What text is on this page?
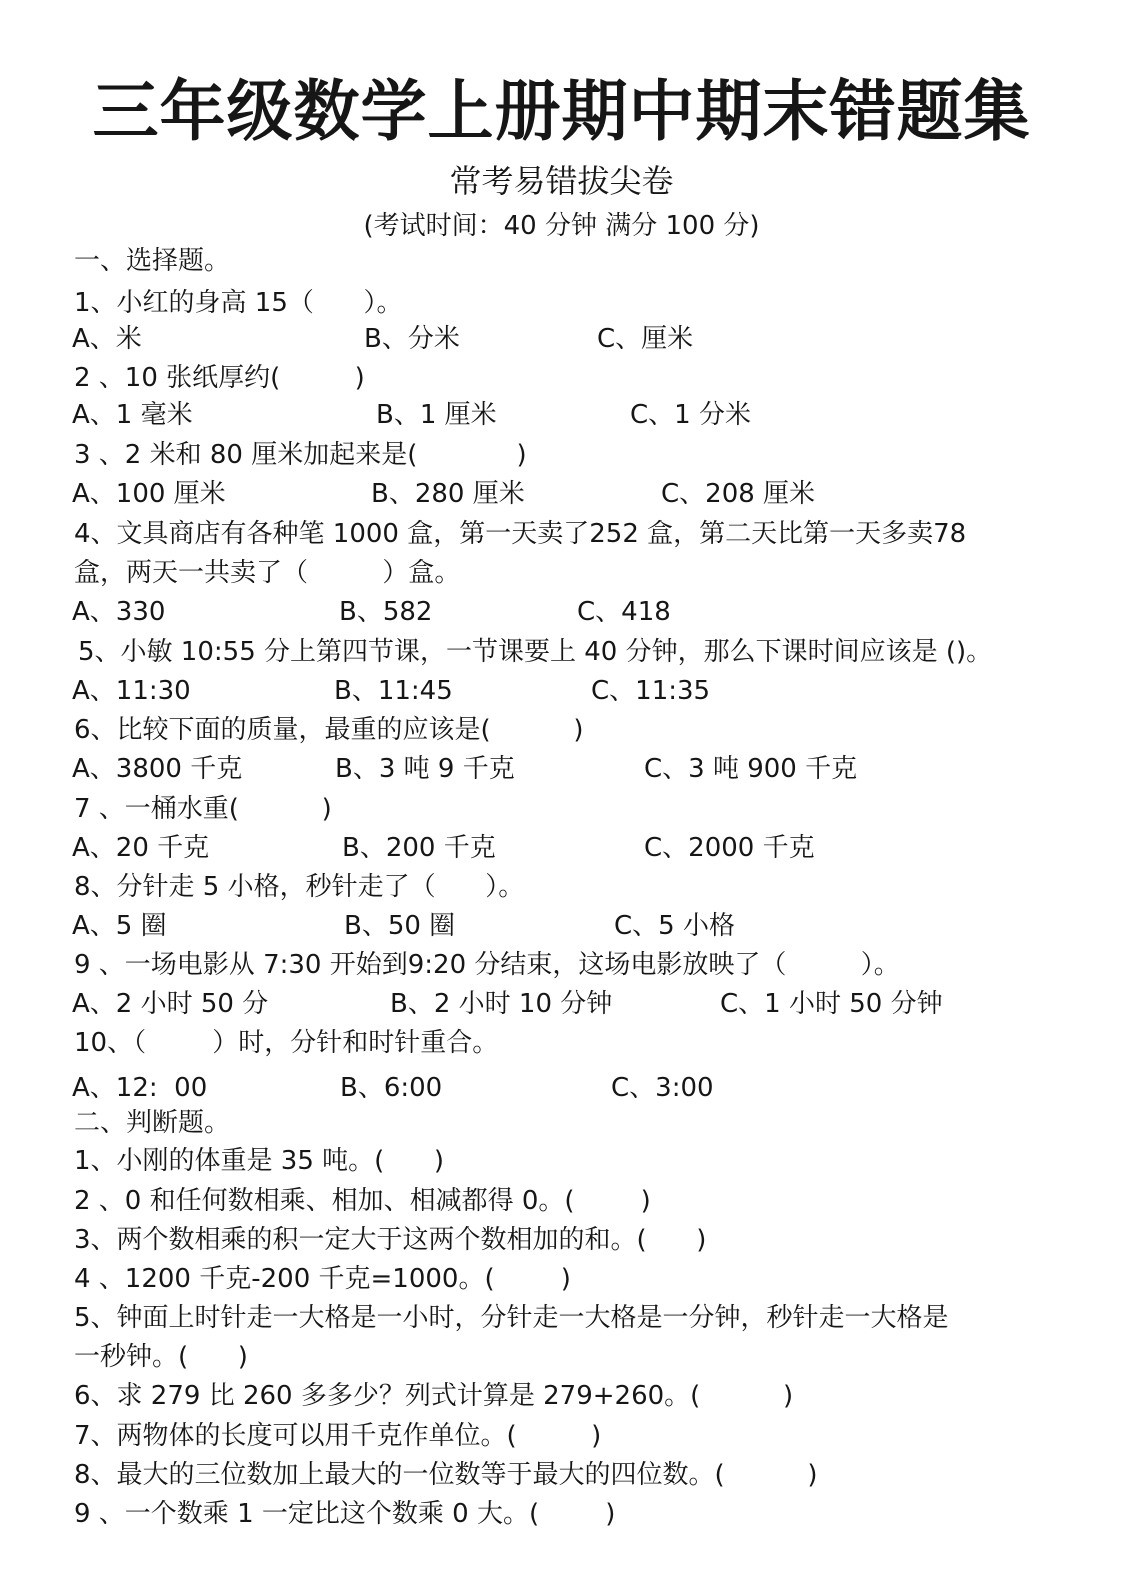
三年级数学上册期中期末错题集
常考易错拔尖卷
(考试时间：40 分钟 满分 100 分)
一、选择题。
1、小红的身高 15（      ）。
A、米	B、分米	C、厘米
2 、10 张纸厚约(         )
A、1 毫米	B、1 厘米	C、1 分米
3 、2 米和 80 厘米加起来是(            )
A、100 厘米	B、280 厘米	C、208 厘米
4、文具商店有各种笔 1000 盒，第一天卖了252 盒，第二天比第一天多卖78
盒，两天一共卖了（         ）盒。
A、330	B、582	C、418
5、小敏 10:55 分上第四节课，一节课要上 40 分钟，那么下课时间应该是 ()。
A、11:30	B、11:45	C、11:35
6、比较下面的质量，最重的应该是(          )
A、3800 千克	B、3 吨 9 千克	C、3 吨 900 千克
7 、一桶水重(          )
A、20 千克	B、200 千克	C、2000 千克
8、分针走 5 小格，秒针走了（      ）。
A、5 圈	B、50 圈	C、5 小格
9 、一场电影从 7:30 开始到9:20 分结束，这场电影放映了（         ）。
A、2 小时 50 分	B、2 小时 10 分钟	C、1 小时 50 分钟
10、（        ）时，分针和时针重合。
A、12:  00	B、6:00	C、3:00
二、判断题。
1、小刚的体重是 35 吨。(      )
2 、0 和任何数相乘、相加、相减都得 0。(        )
3、两个数相乘的积一定大于这两个数相加的和。(      )
4 、1200 千克-200 千克=1000。(        )
5、钟面上时针走一大格是一小时，分针走一大格是一分钟，秒针走一大格是
一秒钟。(      )
6、求 279 比 260 多多少？列式计算是 279+260。(          )
7、两物体的长度可以用千克作单位。(         )
8、最大的三位数加上最大的一位数等于最大的四位数。(          )
9 、一个数乘 1 一定比这个数乘 0 大。(        )
